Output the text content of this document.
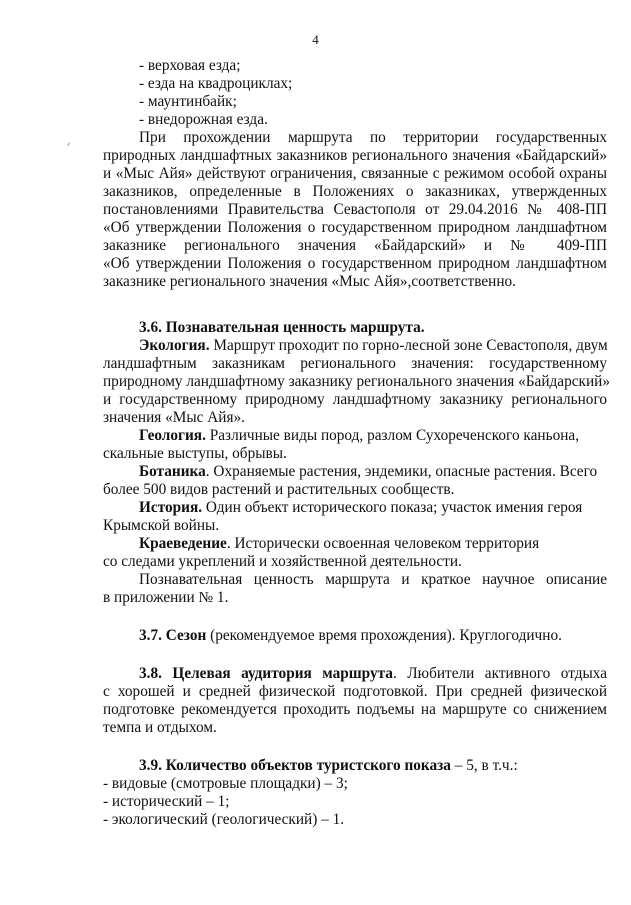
4
- верховая езда;
- езда на квадроциклах;
- маунтинбайк;
- внедорожная езда.
При прохождении маршрута по территории государственных
природных ландшафтных заказников регионального значения «Байдарский»
и «Мыс Айя» действуют ограничения, связанные с режимом особой охраны
заказников, определенные в Положениях о заказниках, утвержденных
постановлениями Правительства Севастополя от 29.04.2016 № 408-ПП
«Об утверждении Положения о государственном природном ландшафтном
заказнике регионального значения «Байдарский» и № 409-ПП
«Об утверждении Положения о государственном природном ландшафтном
заказнике регионального значения «Мыс Айя»,соответственно.
3.6. Познавательная ценность маршрута.
Экология. Маршрут проходит по горно-лесной зоне Севастополя, двум
ландшафтным заказникам регионального значения: государственному
природному ландшафтному заказнику регионального значения «Байдарский»
и государственному природному ландшафтному заказнику регионального
значения «Мыс Айя».
Геология. Различные виды пород, разлом Сухореченского каньона,
скальные выступы, обрывы.
Ботаника. Охраняемые растения, эндемики, опасные растения. Всего
более 500 видов растений и растительных сообществ.
История. Один объект исторического показа; участок имения героя
Крымской войны.
Краеведение. Исторически освоенная человеком территория
со следами укреплений и хозяйственной деятельности.
Познавательная ценность маршрута и краткое научное описание
в приложении № 1.
3.7. Сезон (рекомендуемое время прохождения). Круглогодично.
3.8. Целевая аудитория маршрута. Любители активного отдыха
с хорошей и средней физической подготовкой. При средней физической
подготовке рекомендуется проходить подъемы на маршруте со снижением
темпа и отдыхом.
3.9. Количество объектов туристского показа – 5, в т.ч.:
- видовые (смотровые площадки) – 3;
- исторический – 1;
- экологический (геологический) – 1.
